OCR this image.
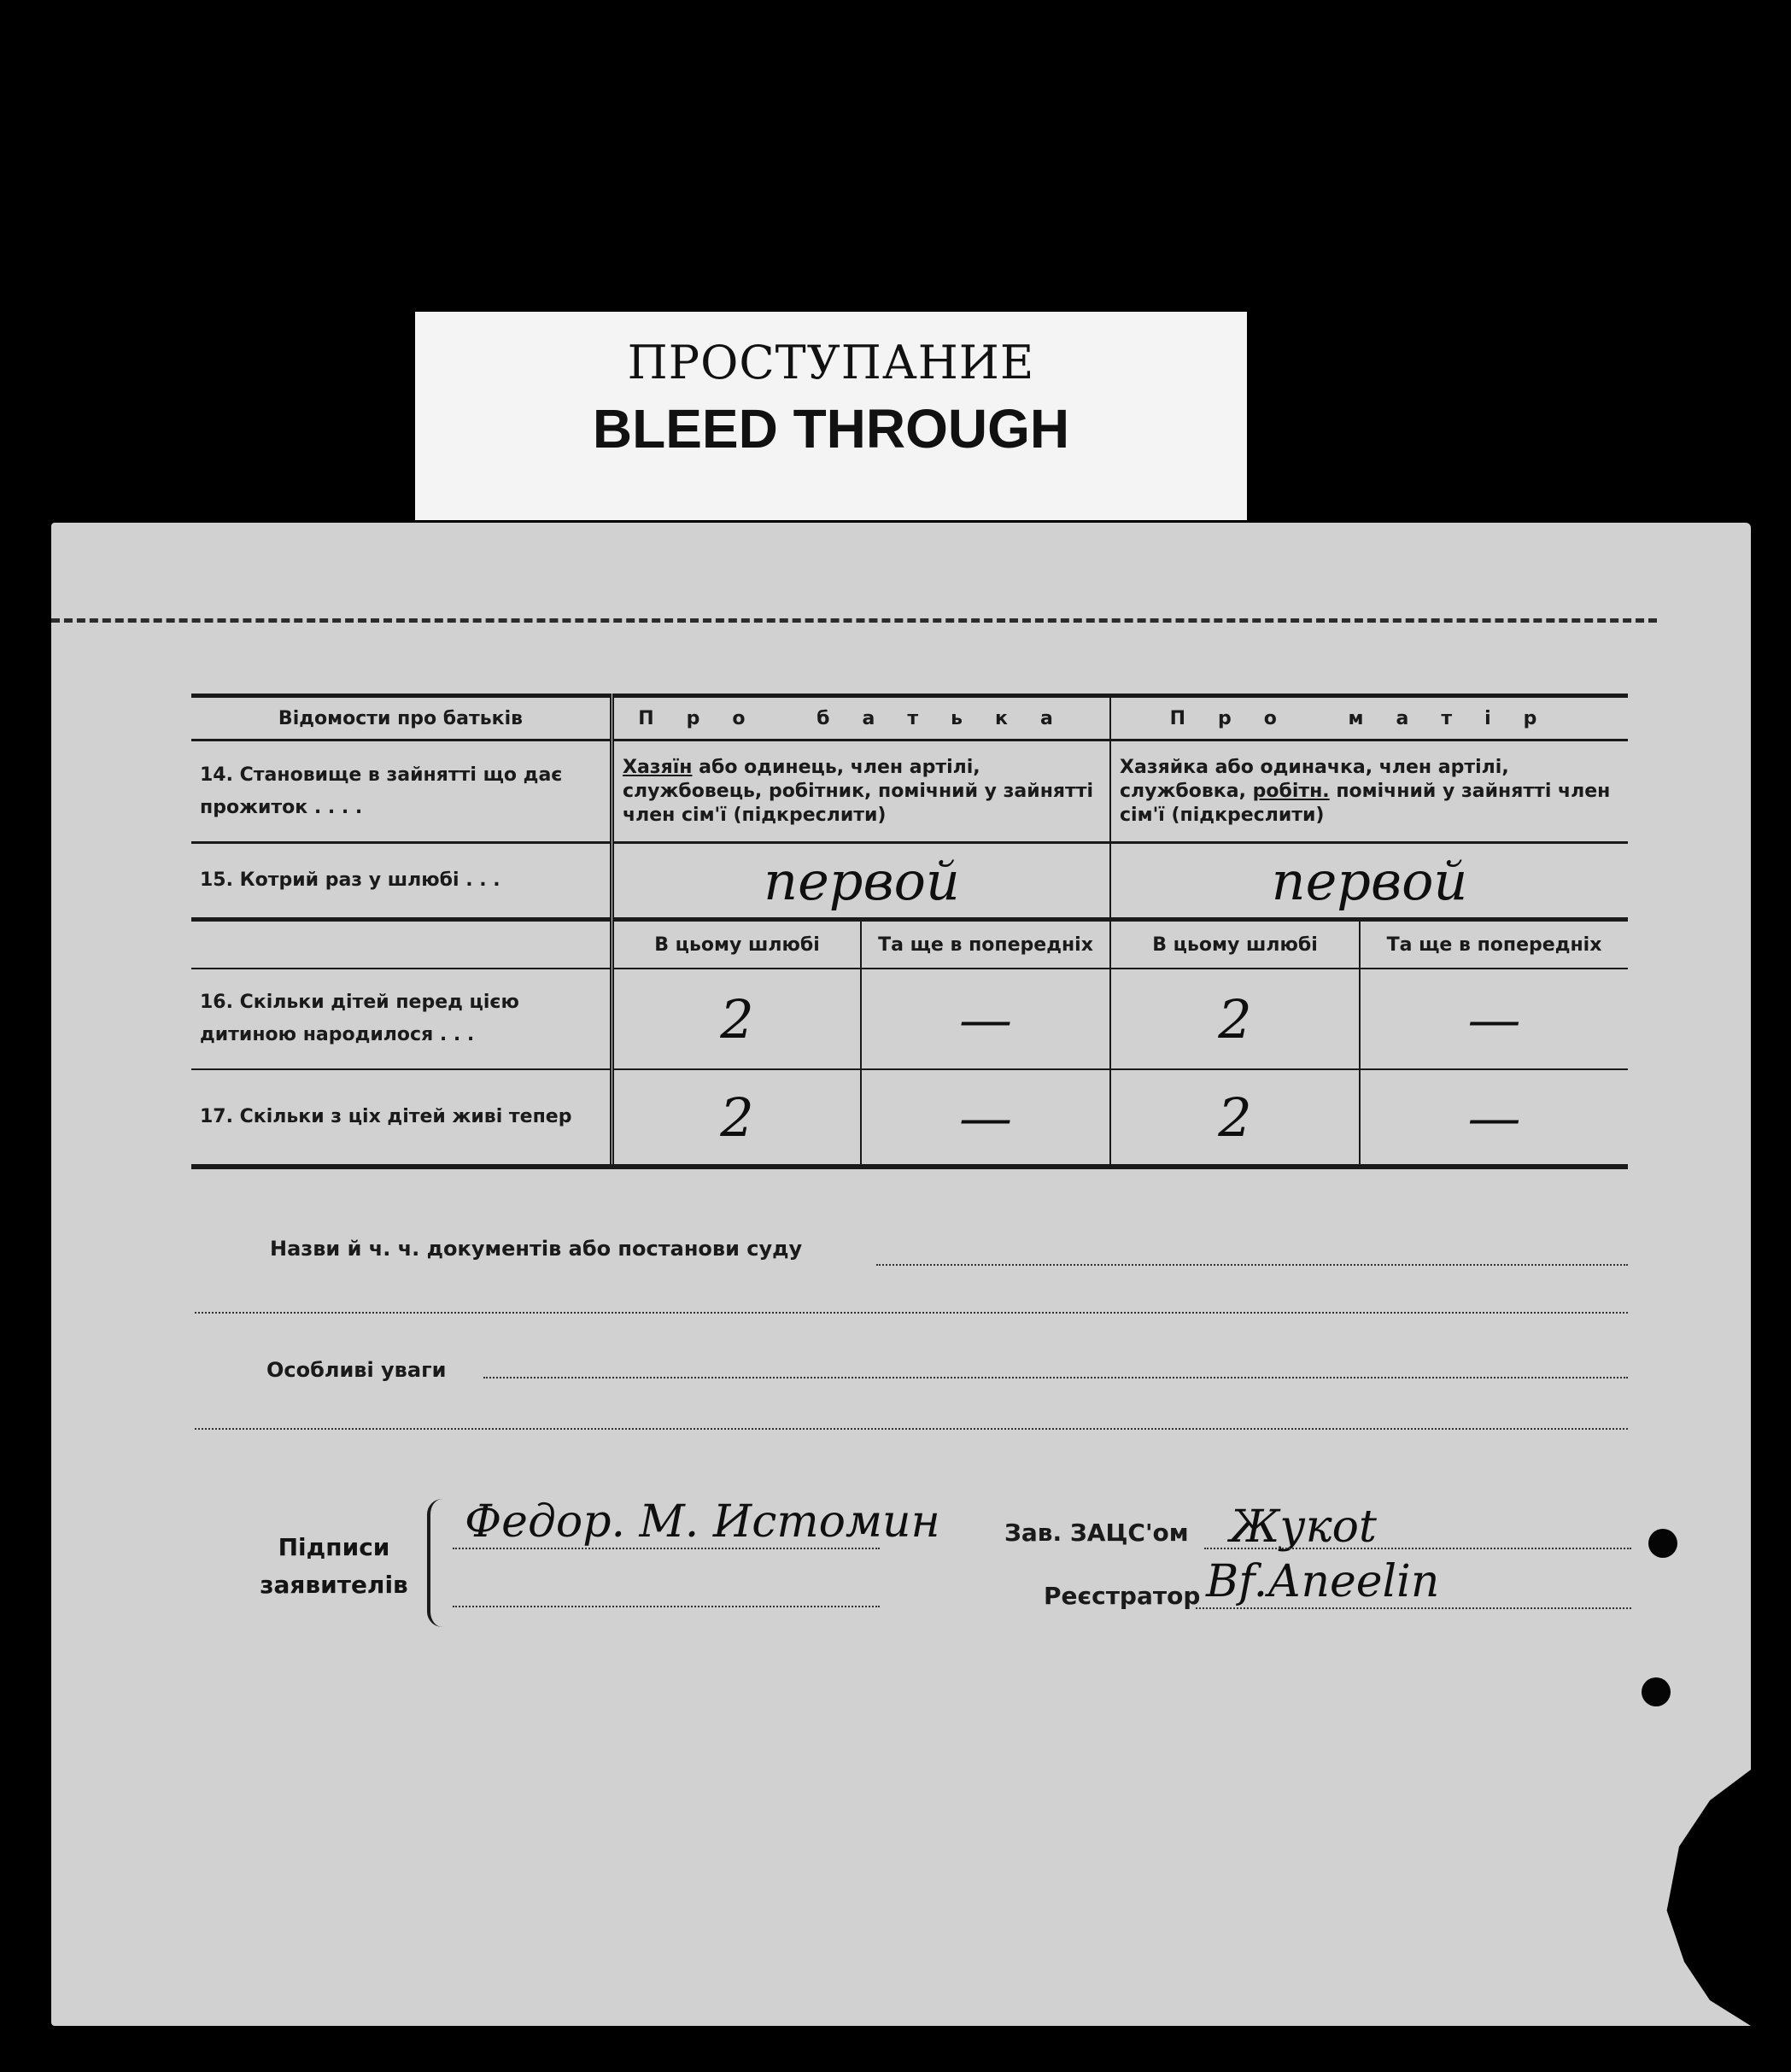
ПРОСТУПАНИЕ
BLEED THROUGH
Відомости про батьків	Про батька		Про матір	
14. Становище в зайнятті що дає прожиток . . . .	Хазяїн або одинець, член артілі, службовець, робітник, помічний у зайнятті член сім'ї (підкреслити)		Хазяйка або одиначка, член артілі, службовка, робітн. помічний у зайнятті член сім'ї (підкреслити)	
15. Котрий раз у шлюбі . . .	первой		первой	
	В цьому шлюбі	Та ще в попередніх	В цьому шлюбі	Та ще в попередніх
16. Скільки дітей перед цією дитиною народилося . . .	2	—	2	—
17. Скільки з ціх дітей живі тепер	2	—	2	—
Назви й ч. ч. документів або постанови суду
Особливі уваги
Підписи заявителів
Федор. М. Истомин	Зав. ЗАЦС'ом Жукоt
Реєстратор Вf.Аneеlin
